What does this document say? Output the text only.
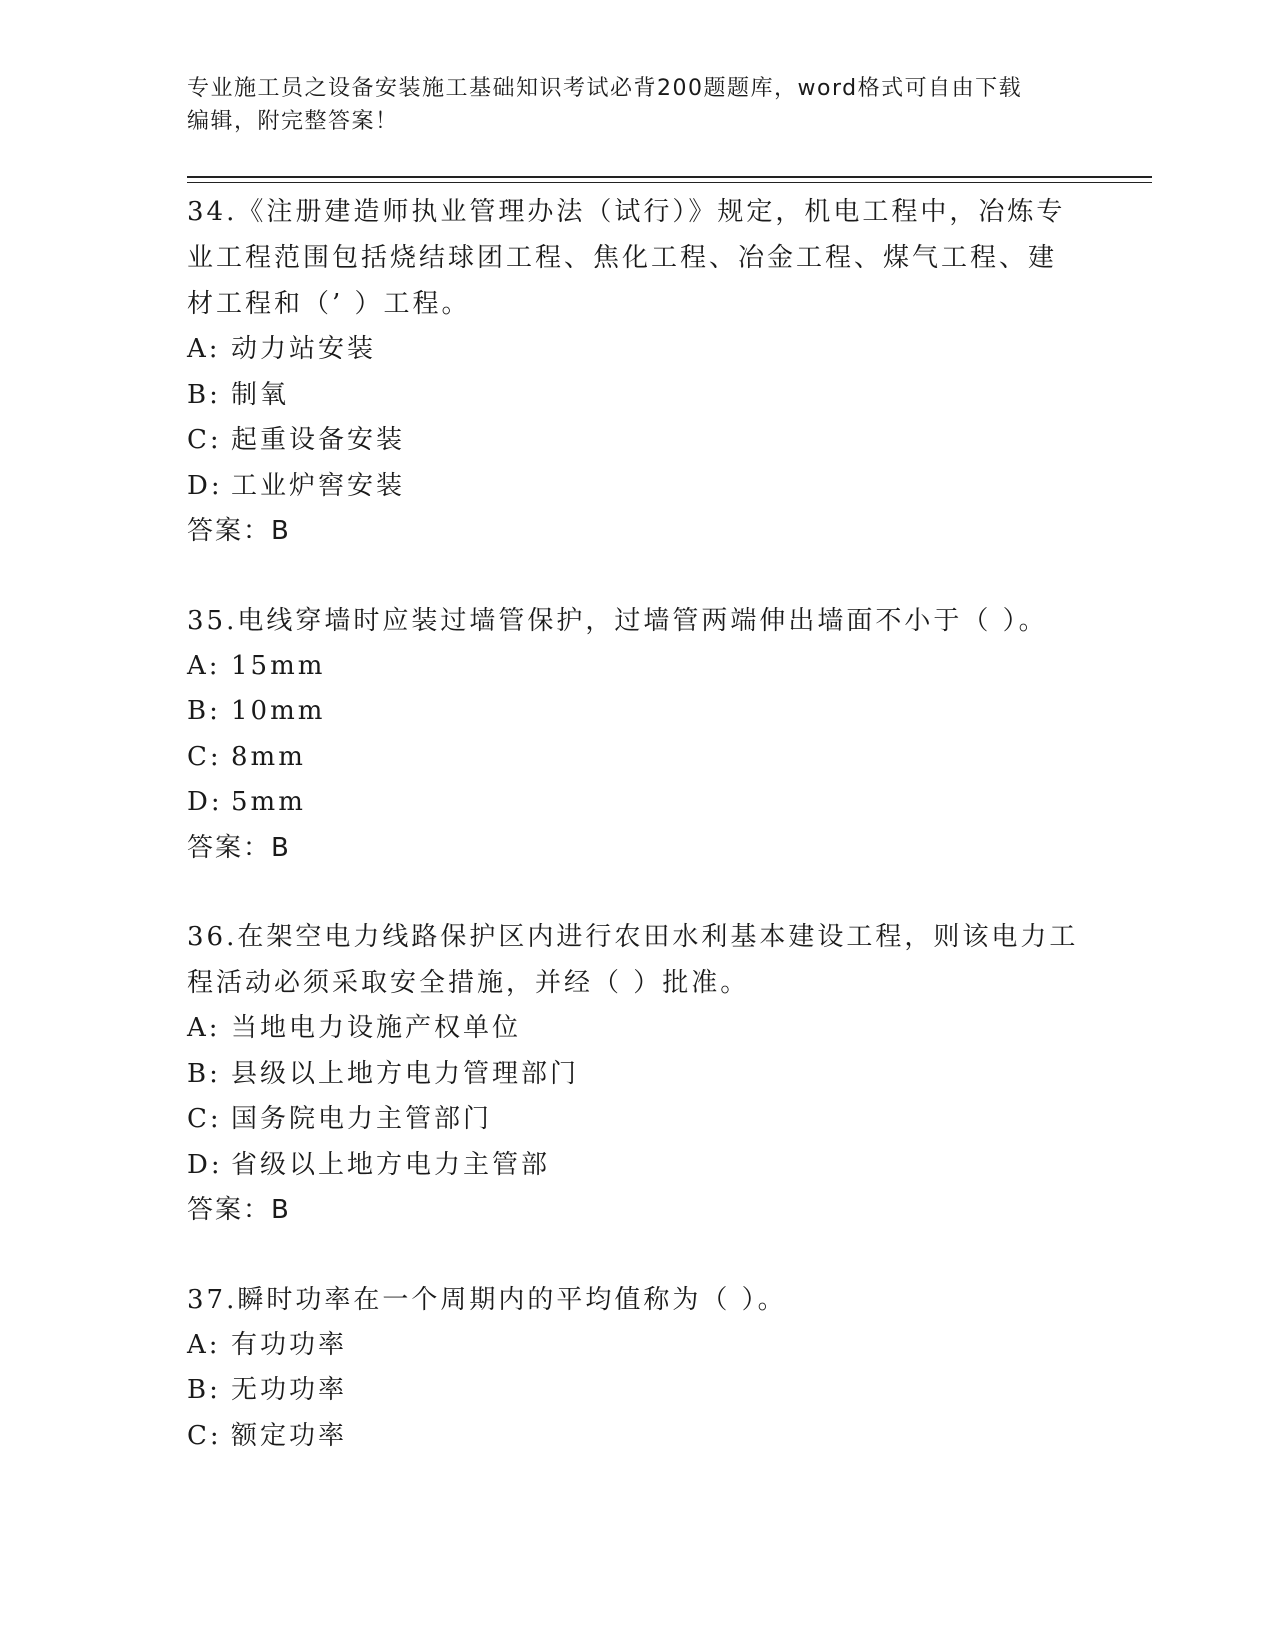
专业施工员之设备安装施工基础知识考试必背200题题库，word格式可自由下载
编辑，附完整答案！
34.《注册建造师执业管理办法（试行）》规定，机电工程中，冶炼专
业工程范围包括烧结球团工程、焦化工程、冶金工程、煤气工程、建
材工程和（’ ）工程。
A: 动力站安装
B: 制氧
C: 起重设备安装
D: 工业炉窖安装
答案：B
35.电线穿墙时应装过墙管保护，过墙管两端伸出墙面不小于（ ）。
A: 15mm
B: 10mm
C: 8mm
D: 5mm
答案：B
36.在架空电力线路保护区内进行农田水利基本建设工程，则该电力工
程活动必须采取安全措施，并经（ ）批准。
A: 当地电力设施产权单位
B: 县级以上地方电力管理部门
C: 国务院电力主管部门
D: 省级以上地方电力主管部
答案：B
37.瞬时功率在一个周期内的平均值称为（ ）。
A: 有功功率
B: 无功功率
C: 额定功率
